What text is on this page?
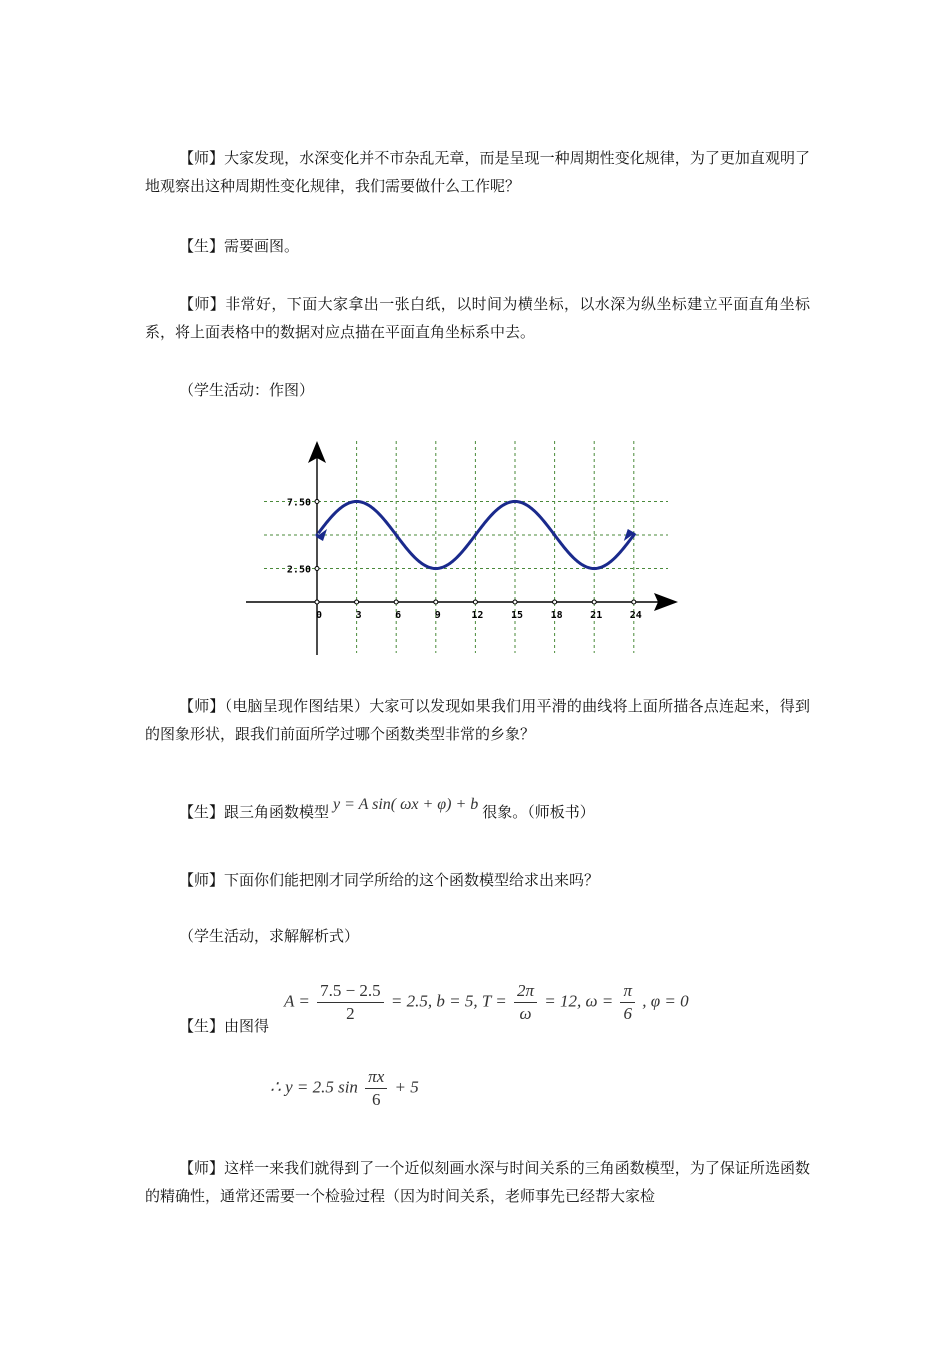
【师】大家发现，水深变化并不市杂乱无章，而是呈现一种周期性变化规律，为了更加直观明了地观察出这种周期性变化规律，我们需要做什么工作呢？

【生】需要画图。

【师】非常好，下面大家拿出一张白纸，以时间为横坐标，以水深为纵坐标建立平面直角坐标系，将上面表格中的数据对应点描在平面直角坐标系中去。

（学生活动：作图）
0	3	6	9	12	15	18	21	24
7.50
2.50

【师】（电脑呈现作图结果）大家可以发现如果我们用平滑的曲线将上面所描各点连起来，得到的图象形状，跟我们前面所学过哪个函数类型非常的乡象？

【生】跟三角函数模型 y = A sin( ωx + φ) + b 很象。（师板书）
【师】下面你们能把刚才同学所给的这个函数模型给求出来吗？
（学生活动，求解解析式）
【生】由图得
$A = \frac{7.5 - 2.5}{2} = 2.5$, b = 5, $T = \frac{2\pi}{\omega} = 12$, $\omega = \frac{\pi}{6}$ , φ = 0
∴ y = 2.5 $\sin \frac{\pi x}{6} + 5$

【师】这样一来我们就得到了一个近似刻画水深与时间关系的三角函数模型，为了保证所选函数的精确性，通常还需要一个检验过程（因为时间关系，老师事先已经帮大家检
